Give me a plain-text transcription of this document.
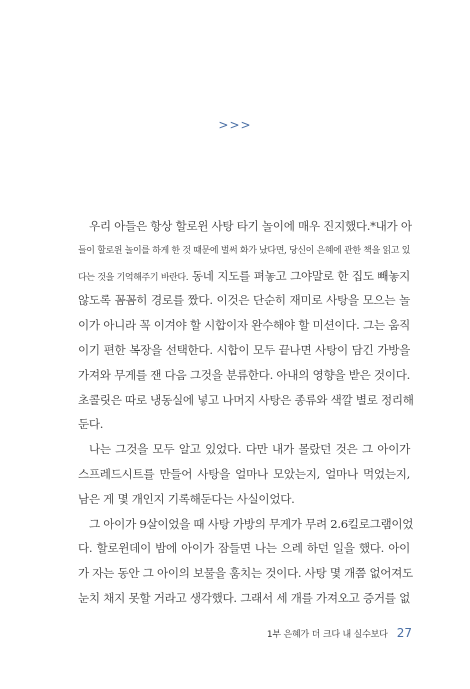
>>>
우리 아들은 항상 할로윈 사탕 타기 놀이에 매우 진지했다.*내가 아
들이 할로윈 놀이를 하게 한 것 때문에 벌써 화가 났다면, 당신이 은혜에 관한 책을 읽고 있
다는 것을 기억해주기 바란다. 동네 지도를 펴놓고 그야말로 한 집도 빼놓지
않도록 꼼꼼히 경로를 짰다. 이것은 단순히 재미로 사탕을 모으는 놀
이가 아니라 꼭 이겨야 할 시합이자 완수해야 할 미션이다. 그는 움직
이기 편한 복장을 선택한다. 시합이 모두 끝나면 사탕이 담긴 가방을
가져와 무게를 잰 다음 그것을 분류한다. 아내의 영향을 받은 것이다.
초콜릿은 따로 냉동실에 넣고 나머지 사탕은 종류와 색깔 별로 정리해
둔다.
나는 그것을 모두 알고 있었다. 다만 내가 몰랐던 것은 그 아이가
스프레드시트를 만들어 사탕을 얼마나 모았는지, 얼마나 먹었는지,
남은 게 몇 개인지 기록해둔다는 사실이었다.
그 아이가 9살이었을 때 사탕 가방의 무게가 무려 2.6킬로그램이었
다. 할로윈데이 밤에 아이가 잠들면 나는 으레 하던 일을 했다. 아이
가 자는 동안 그 아이의 보물을 훔치는 것이다. 사탕 몇 개쯤 없어져도
눈치 채지 못할 거라고 생각했다. 그래서 세 개를 가져오고 증거를 없
1부 은혜가 더 크다 내 실수보다 27
